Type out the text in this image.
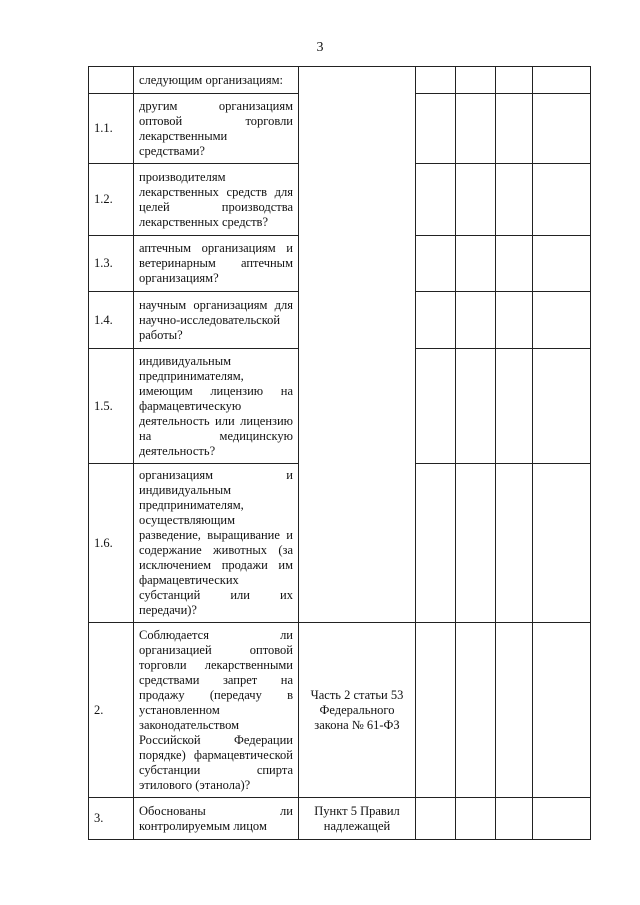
3
	следующим организациям:					
1.1.	другим организациям оптовой торговли лекарственными средствами?					
1.2.	производителям лекарственных средств для целей производства лекарственных средств?					
1.3.	аптечным организациям и ветеринарным аптечным организациям?					
1.4.	научным организациям для научно-исследовательской работы?					
1.5.	индивидуальным предпринимателям, имеющим лицензию на фармацевтическую деятельность или лицензию на медицинскую деятельность?					
1.6.	организациям и индивидуальным предпринимателям, осуществляющим разведение, выращивание и содержание животных (за исключением продажи им фармацевтических субстанций или их передачи)?					
2.	Соблюдается ли организацией оптовой торговли лекарственными средствами запрет на продажу (передачу в установленном законодательством Российской Федерации порядке) фармацевтической субстанции спирта этилового (этанола)?	Часть 2 статьи 53 Федерального закона № 61-ФЗ				
3.	Обоснованы ли контролируемым лицом	Пункт 5 Правил надлежащей				
